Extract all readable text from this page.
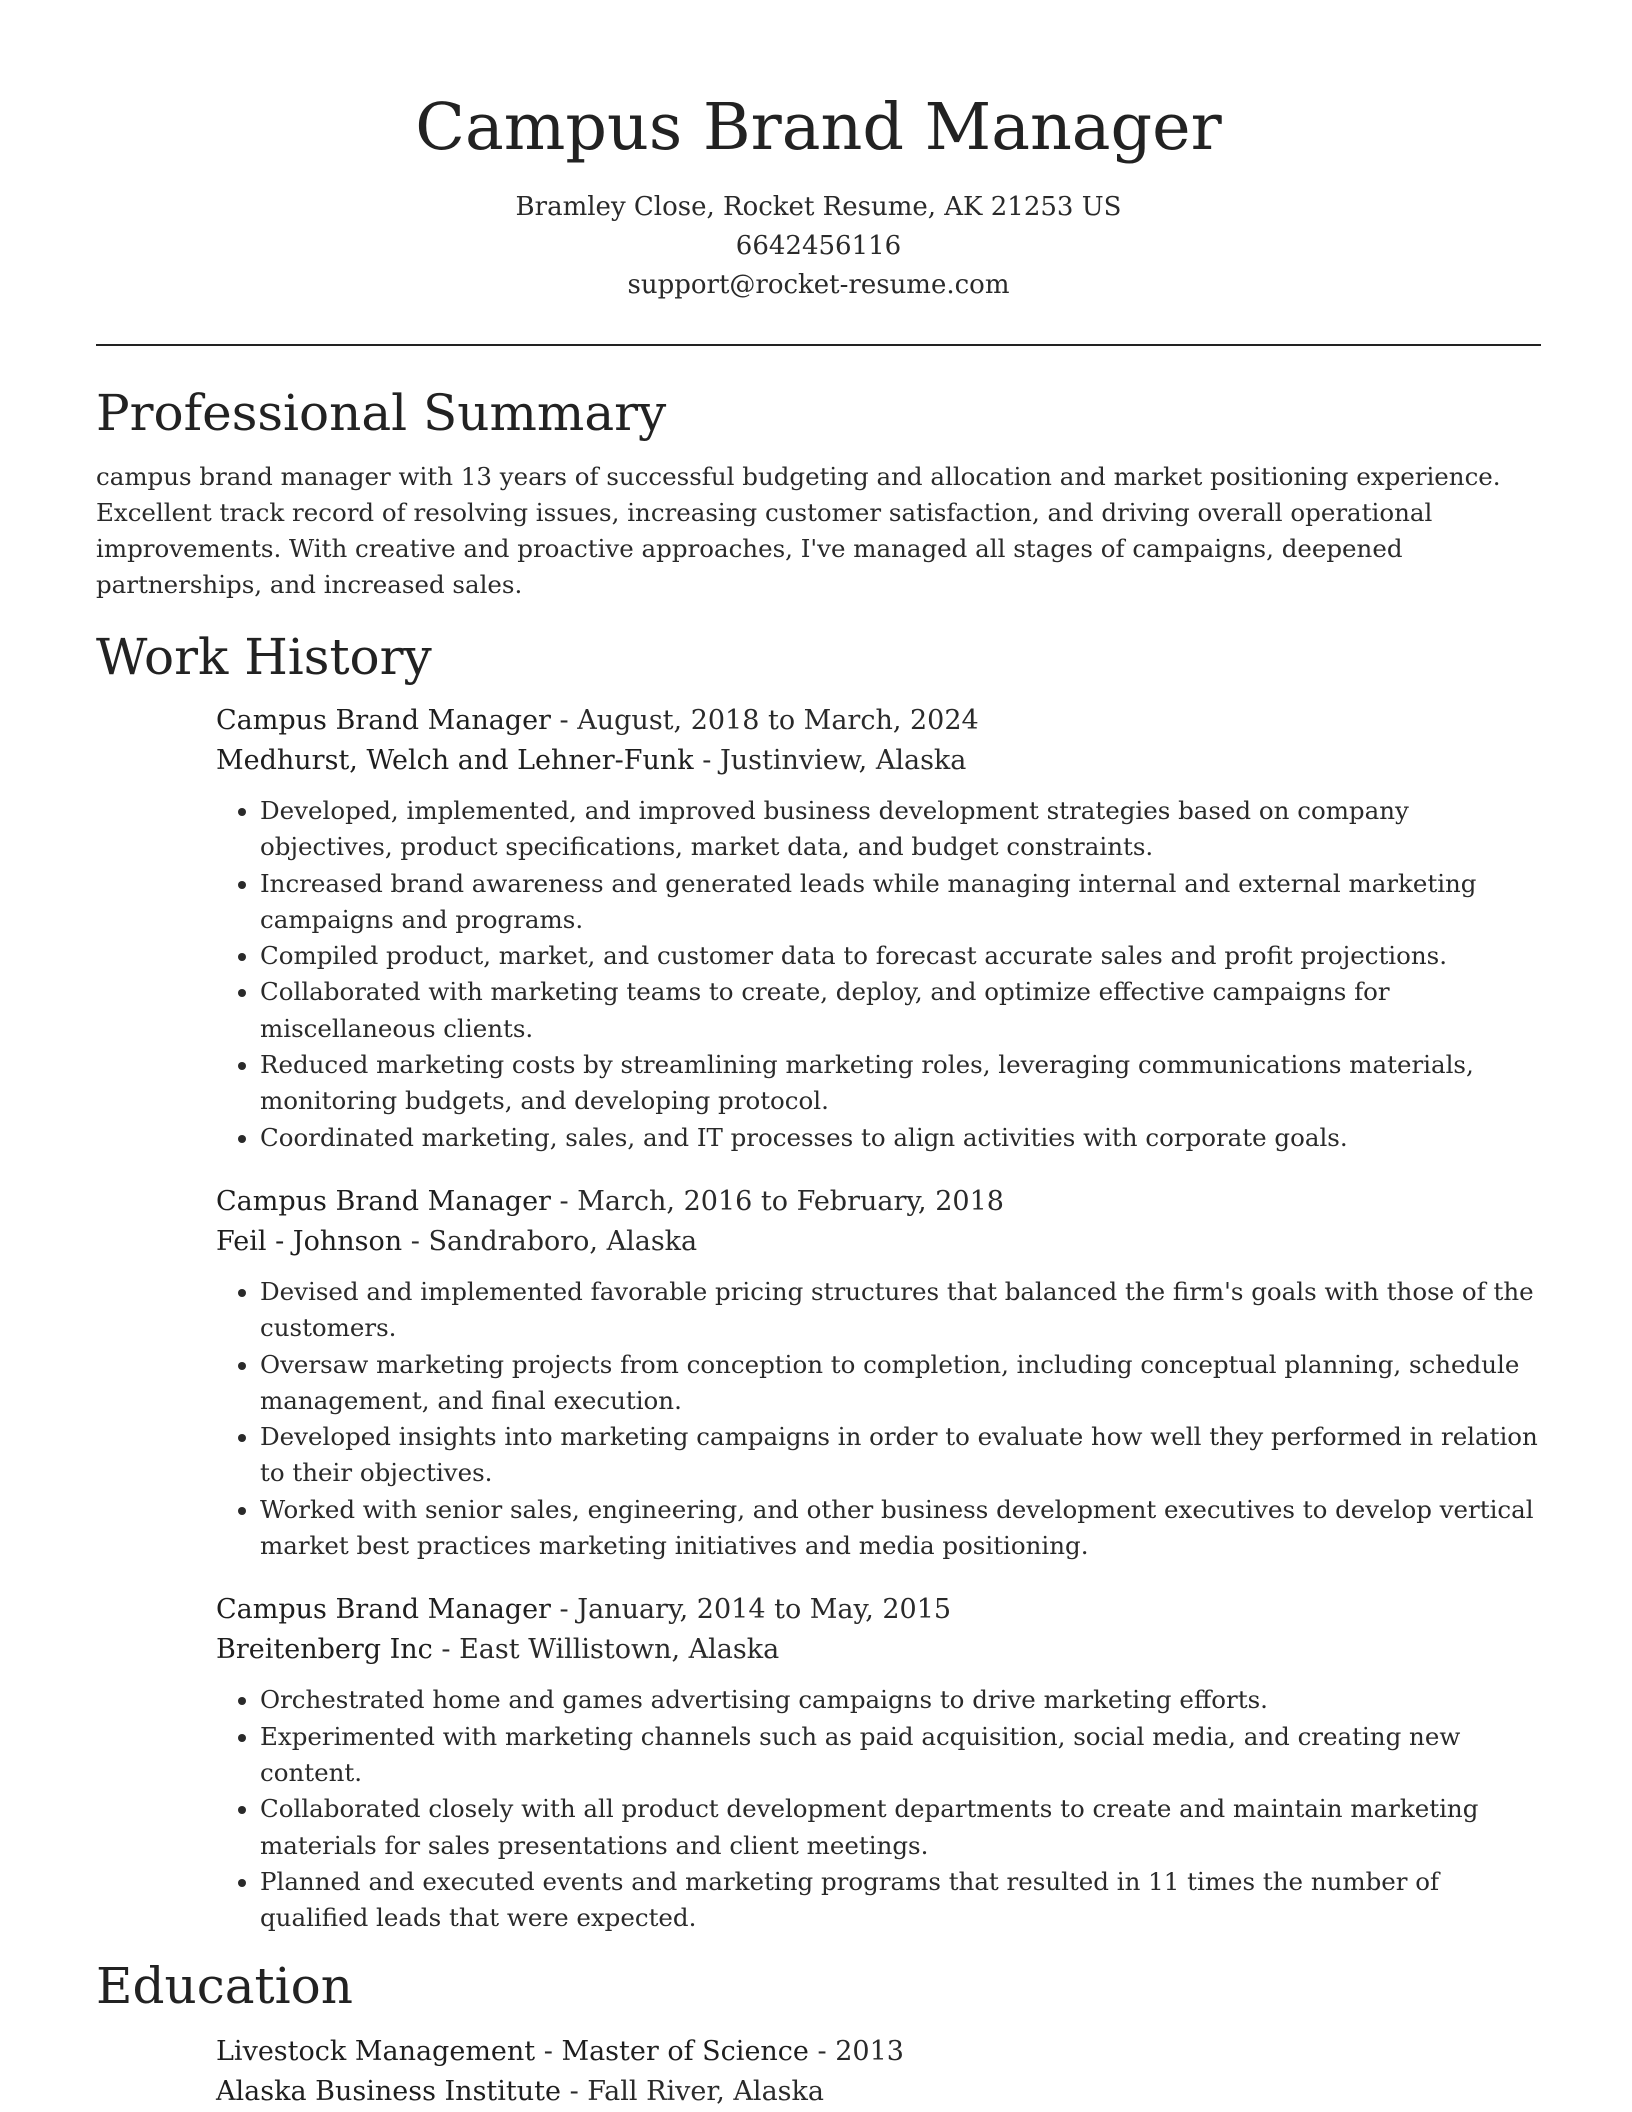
Campus Brand Manager
Bramley Close, Rocket Resume, AK 21253 US
6642456116
support@rocket-resume.com
Professional Summary

campus brand manager with 13 years of successful budgeting and allocation and market positioning experience. Excellent track record of resolving issues, increasing customer satisfaction, and driving overall operational improvements. With creative and proactive approaches, I've managed all stages of campaigns, deepened partnerships, and increased sales.

Work History
Campus Brand Manager - August, 2018 to March, 2024
Medhurst, Welch and Lehner-Funk - Justinview, Alaska
• Developed, implemented, and improved business development strategies based on company objectives, product specifications, market data, and budget constraints.
• Increased brand awareness and generated leads while managing internal and external marketing campaigns and programs.
• Compiled product, market, and customer data to forecast accurate sales and profit projections.
• Collaborated with marketing teams to create, deploy, and optimize effective campaigns for miscellaneous clients.
• Reduced marketing costs by streamlining marketing roles, leveraging communications materials, monitoring budgets, and developing protocol.
• Coordinated marketing, sales, and IT processes to align activities with corporate goals.
Campus Brand Manager - March, 2016 to February, 2018
Feil - Johnson - Sandraboro, Alaska
• Devised and implemented favorable pricing structures that balanced the firm's goals with those of the customers.
• Oversaw marketing projects from conception to completion, including conceptual planning, schedule management, and final execution.
• Developed insights into marketing campaigns in order to evaluate how well they performed in relation to their objectives.
• Worked with senior sales, engineering, and other business development executives to develop vertical market best practices marketing initiatives and media positioning.
Campus Brand Manager - January, 2014 to May, 2015
Breitenberg Inc - East Willistown, Alaska
• Orchestrated home and games advertising campaigns to drive marketing efforts.
• Experimented with marketing channels such as paid acquisition, social media, and creating new content.
• Collaborated closely with all product development departments to create and maintain marketing materials for sales presentations and client meetings.
• Planned and executed events and marketing programs that resulted in 11 times the number of qualified leads that were expected.
Education
Livestock Management - Master of Science - 2013
Alaska Business Institute - Fall River, Alaska
